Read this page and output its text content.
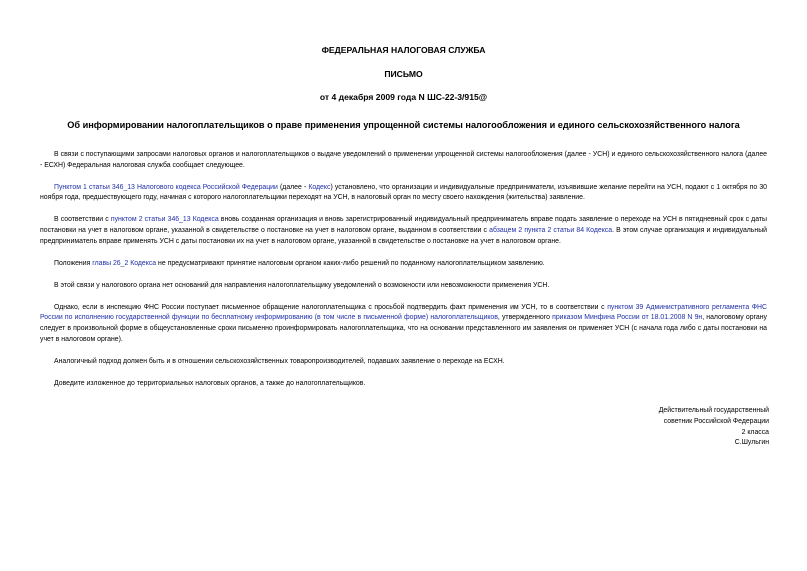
ФЕДЕРАЛЬНАЯ НАЛОГОВАЯ СЛУЖБА
ПИСЬМО
от 4 декабря 2009 года N ШС-22-3/915@
Об информировании налогоплательщиков о праве применения упрощенной системы налогообложения и единого сельскохозяйственного налога

В связи с поступающими запросами налоговых органов и налогоплательщиков о выдаче уведомлений о применении упрощенной системы налогообложения (далее - УСН) и единого сельскохозяйственного налога (далее - ЕСХН) Федеральная налоговая служба сообщает следующее.

Пунктом 1 статьи 346_13 Налогового кодекса Российской Федерации (далее - Кодекс) установлено, что организации и индивидуальные предприниматели, изъявившие желание перейти на УСН, подают с 1 октября по 30 ноября года, предшествующего году, начиная с которого налогоплательщики переходят на УСН, в налоговый орган по месту своего нахождения (жительства) заявление.

В соответствии с пунктом 2 статьи 346_13 Кодекса вновь созданная организация и вновь зарегистрированный индивидуальный предприниматель вправе подать заявление о переходе на УСН в пятидневный срок с даты постановки на учет в налоговом органе, указанной в свидетельстве о постановке на учет в налоговом органе, выданном в соответствии с абзацем 2 пункта 2 статьи 84 Кодекса. В этом случае организация и индивидуальный предприниматель вправе применять УСН с даты постановки их на учет в налоговом органе, указанной в свидетельстве о постановке на учет в налоговом органе.

Положения главы 26_2 Кодекса не предусматривают принятие налоговым органом каких-либо решений по поданному налогоплательщиком заявлению.

В этой связи у налогового органа нет оснований для направления налогоплательщику уведомлений о возможности или невозможности применения УСН.

Однако, если в инспекцию ФНС России поступает письменное обращение налогоплательщика с просьбой подтвердить факт применения им УСН, то в соответствии с пунктом 39 Административного регламента ФНС России по исполнению государственной функции по бесплатному информированию (в том числе в письменной форме) налогоплательщиков, утвержденного приказом Минфина России от 18.01.2008 N 9н, налоговому органу следует в произвольной форме в общеустановленные сроки письменно проинформировать налогоплательщика, что на основании представленного им заявления он применяет УСН (с начала года либо с даты постановки на учет в налоговом органе).

Аналогичный подход должен быть и в отношении сельскохозяйственных товаропроизводителей, подавших заявление о переходе на ЕСХН.

Доведите изложенное до территориальных налоговых органов, а также до налогоплательщиков.

Действительный государственный
советник Российской Федерации
2 класса
С.Шульгин
